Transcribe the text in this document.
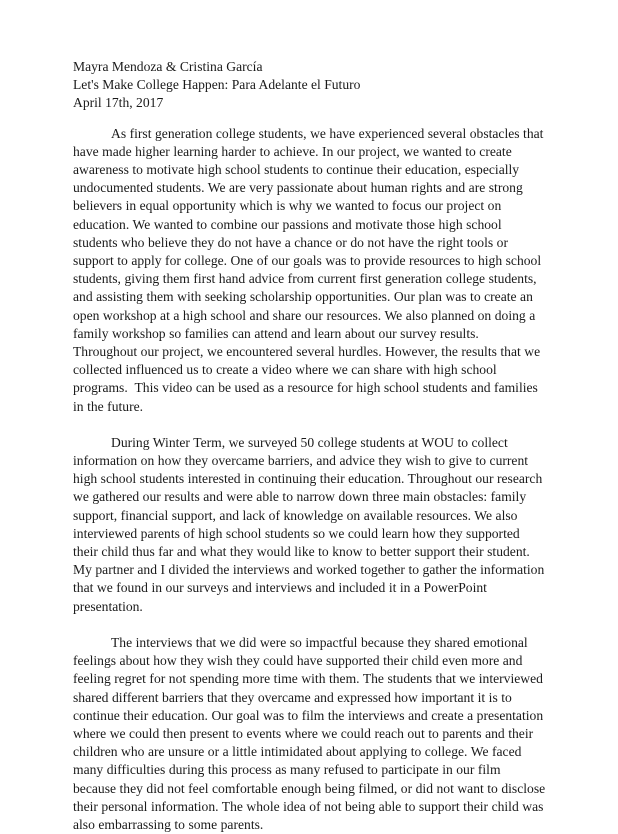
Mayra Mendoza & Cristina García
Let's Make College Happen: Para Adelante el Futuro
April 17th, 2017

As first generation college students, we have experienced several obstacles that have made higher learning harder to achieve. In our project, we wanted to create awareness to motivate high school students to continue their education, especially undocumented students. We are very passionate about human rights and are strong believers in equal opportunity which is why we wanted to focus our project on education. We wanted to combine our passions and motivate those high school students who believe they do not have a chance or do not have the right tools or support to apply for college. One of our goals was to provide resources to high school students, giving them first hand advice from current first generation college students, and assisting them with seeking scholarship opportunities. Our plan was to create an open workshop at a high school and share our resources. We also planned on doing a family workshop so families can attend and learn about our survey results. Throughout our project, we encountered several hurdles. However, the results that we collected influenced us to create a video where we can share with high school programs.  This video can be used as a resource for high school students and families in the future.

During Winter Term, we surveyed 50 college students at WOU to collect information on how they overcame barriers, and advice they wish to give to current high school students interested in continuing their education. Throughout our research we gathered our results and were able to narrow down three main obstacles: family support, financial support, and lack of knowledge on available resources. We also interviewed parents of high school students so we could learn how they supported their child thus far and what they would like to know to better support their student. My partner and I divided the interviews and worked together to gather the information that we found in our surveys and interviews and included it in a PowerPoint presentation.

The interviews that we did were so impactful because they shared emotional feelings about how they wish they could have supported their child even more and feeling regret for not spending more time with them. The students that we interviewed shared different barriers that they overcame and expressed how important it is to continue their education. Our goal was to film the interviews and create a presentation where we could then present to events where we could reach out to parents and their children who are unsure or a little intimidated about applying to college. We faced many difficulties during this process as many refused to participate in our film because they did not feel comfortable enough being filmed, or did not want to disclose their personal information. The whole idea of not being able to support their child was also embarrassing to some parents.
